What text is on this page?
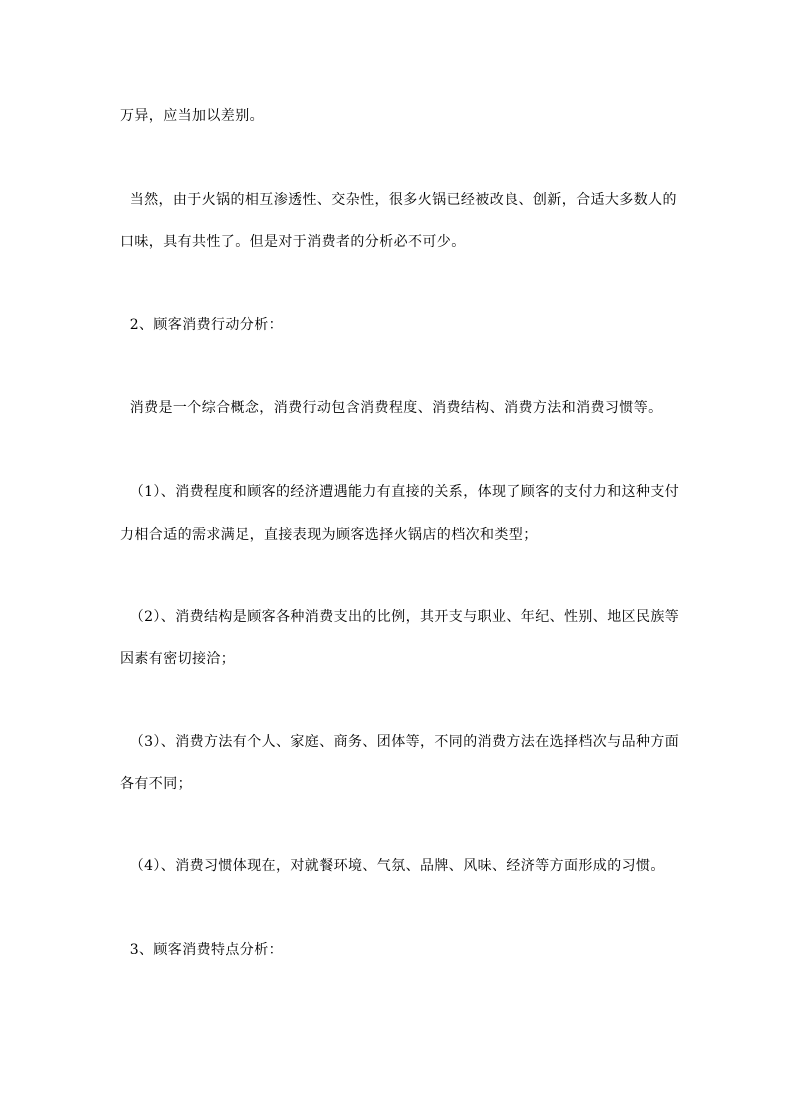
万异，应当加以差别。
当然，由于火锅的相互渗透性、交杂性，很多火锅已经被改良、创新，合适大多数人的
口味，具有共性了。但是对于消费者的分析必不可少。
2、顾客消费行动分析：
消费是一个综合概念，消费行动包含消费程度、消费结构、消费方法和消费习惯等。
（1）、消费程度和顾客的经济遭遇能力有直接的关系，体现了顾客的支付力和这种支付
力相合适的需求满足，直接表现为顾客选择火锅店的档次和类型；
（2）、消费结构是顾客各种消费支出的比例，其开支与职业、年纪、性别、地区民族等
因素有密切接洽；
（3）、消费方法有个人、家庭、商务、团体等，不同的消费方法在选择档次与品种方面
各有不同；
（4）、消费习惯体现在，对就餐环境、气氛、品牌、风味、经济等方面形成的习惯。
3、顾客消费特点分析：
